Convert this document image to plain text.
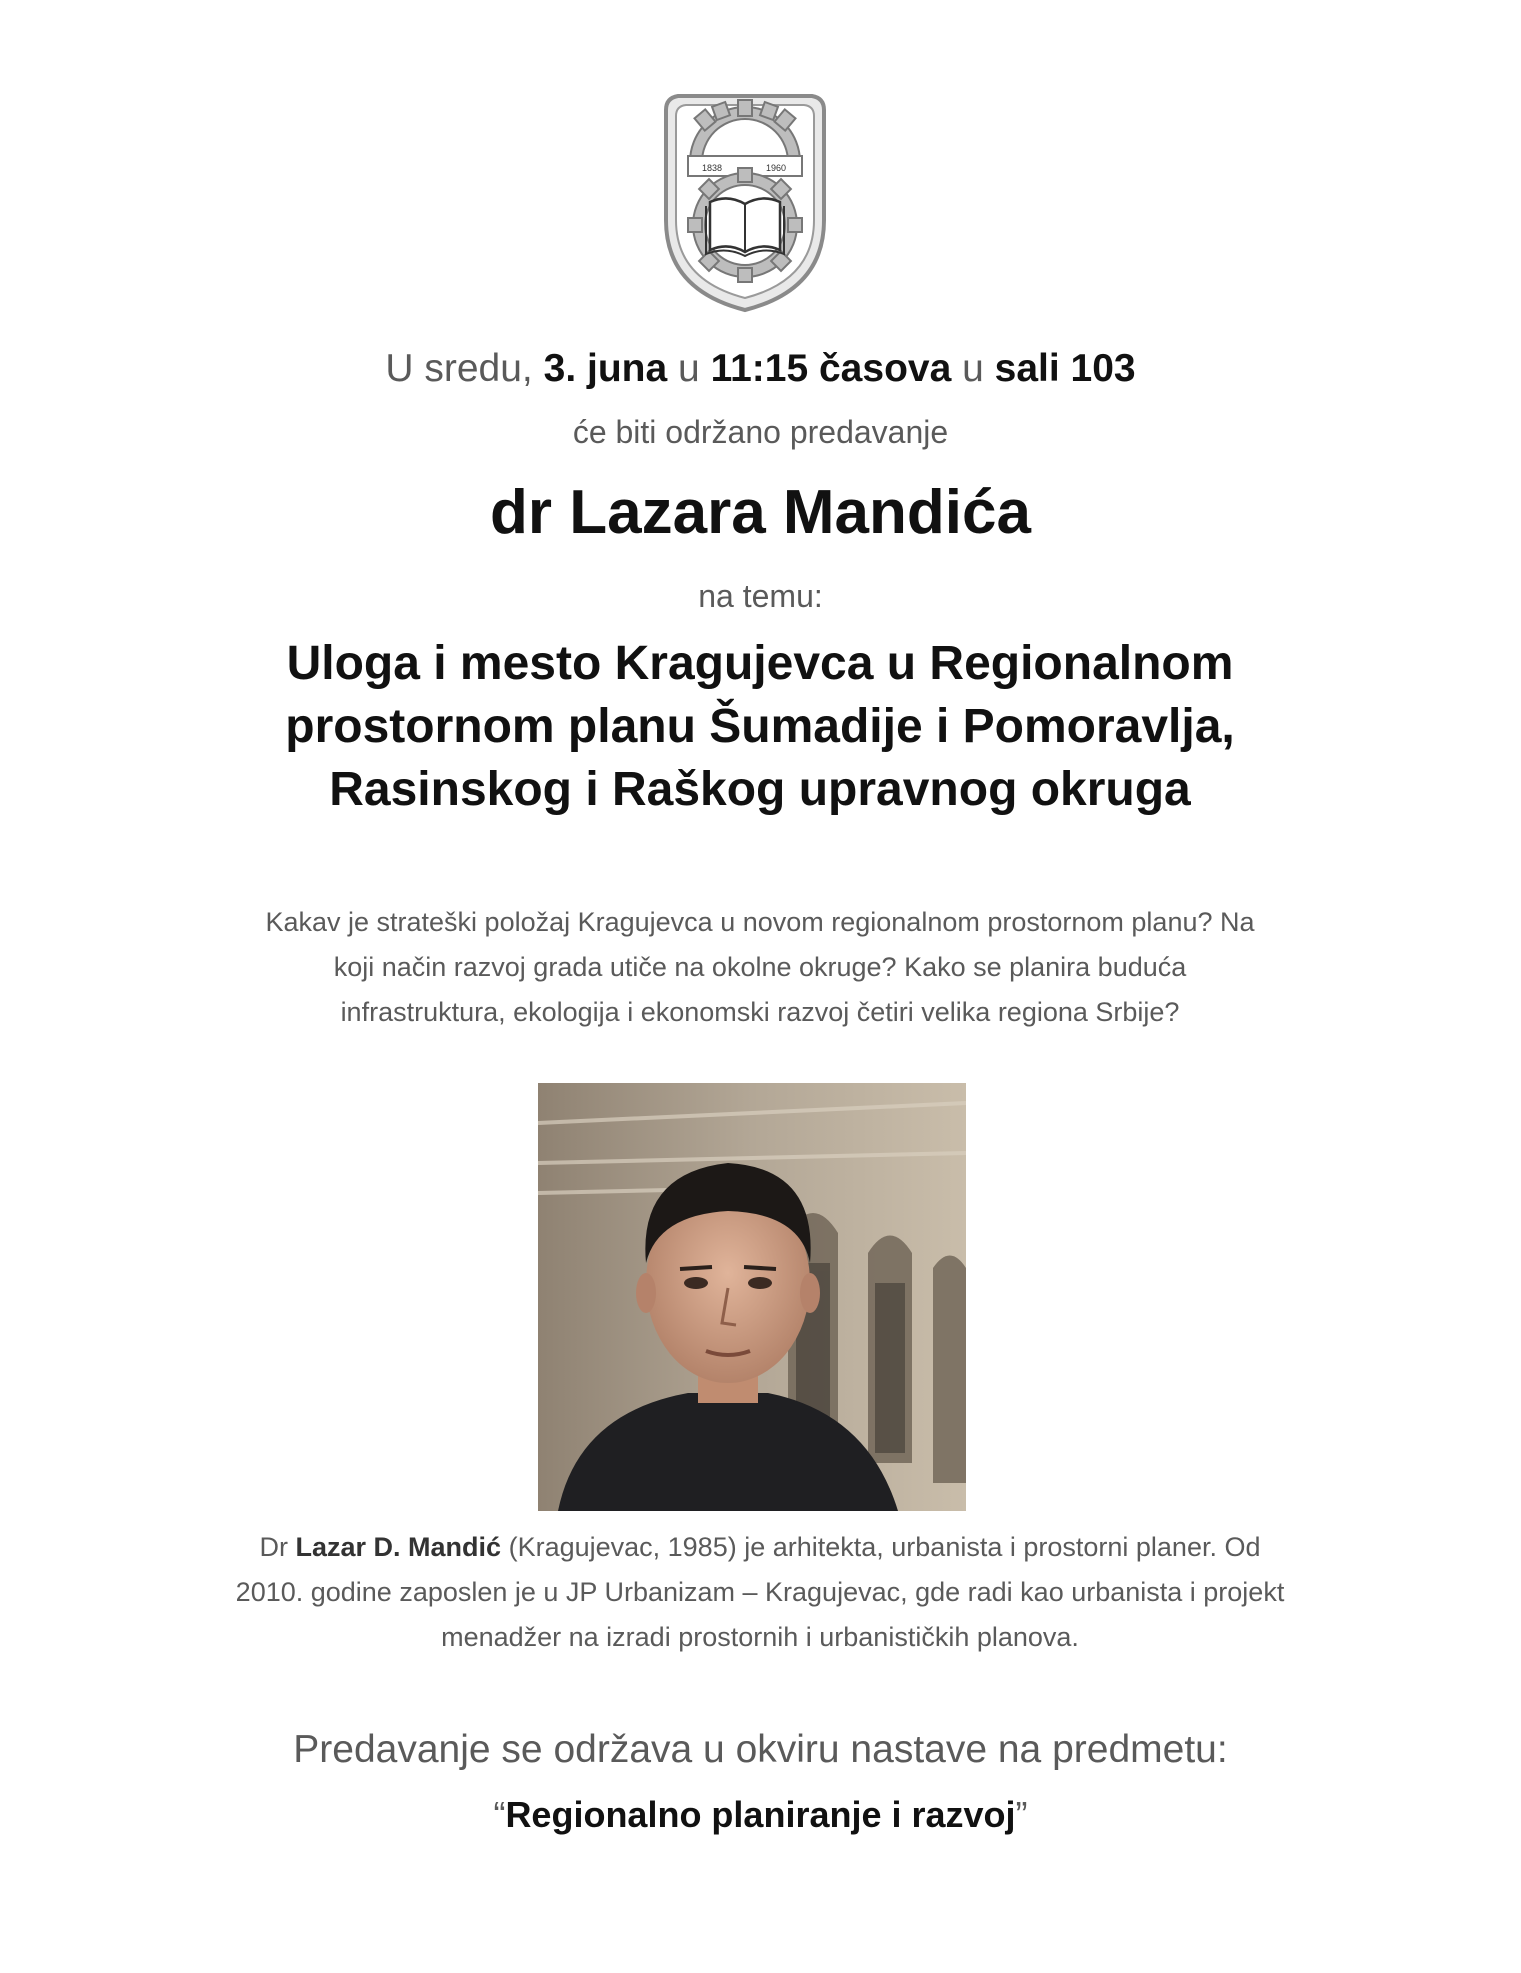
1838	1960
U sredu, 3. juna u 11:15 časova u sali 103
će biti održano predavanje
dr Lazara Mandića
na temu:
Uloga i mesto Kragujevca u Regionalnom prostornom planu Šumadije i Pomoravlja, Rasinskog i Raškog upravnog okruga
Kakav je strateški položaj Kragujevca u novom regionalnom prostornom planu? Na koji način razvoj grada utiče na okolne okruge? Kako se planira buduća infrastruktura, ekologija i ekonomski razvoj četiri velika regiona Srbije?
Dr Lazar D. Mandić (Kragujevac, 1985) je arhitekta, urbanista i prostorni planer. Od 2010. godine zaposlen je u JP Urbanizam – Kragujevac, gde radi kao urbanista i projekt menadžer na izradi prostornih i urbanističkih planova.
Predavanje se održava u okviru nastave na predmetu:
“Regionalno planiranje i razvoj”
